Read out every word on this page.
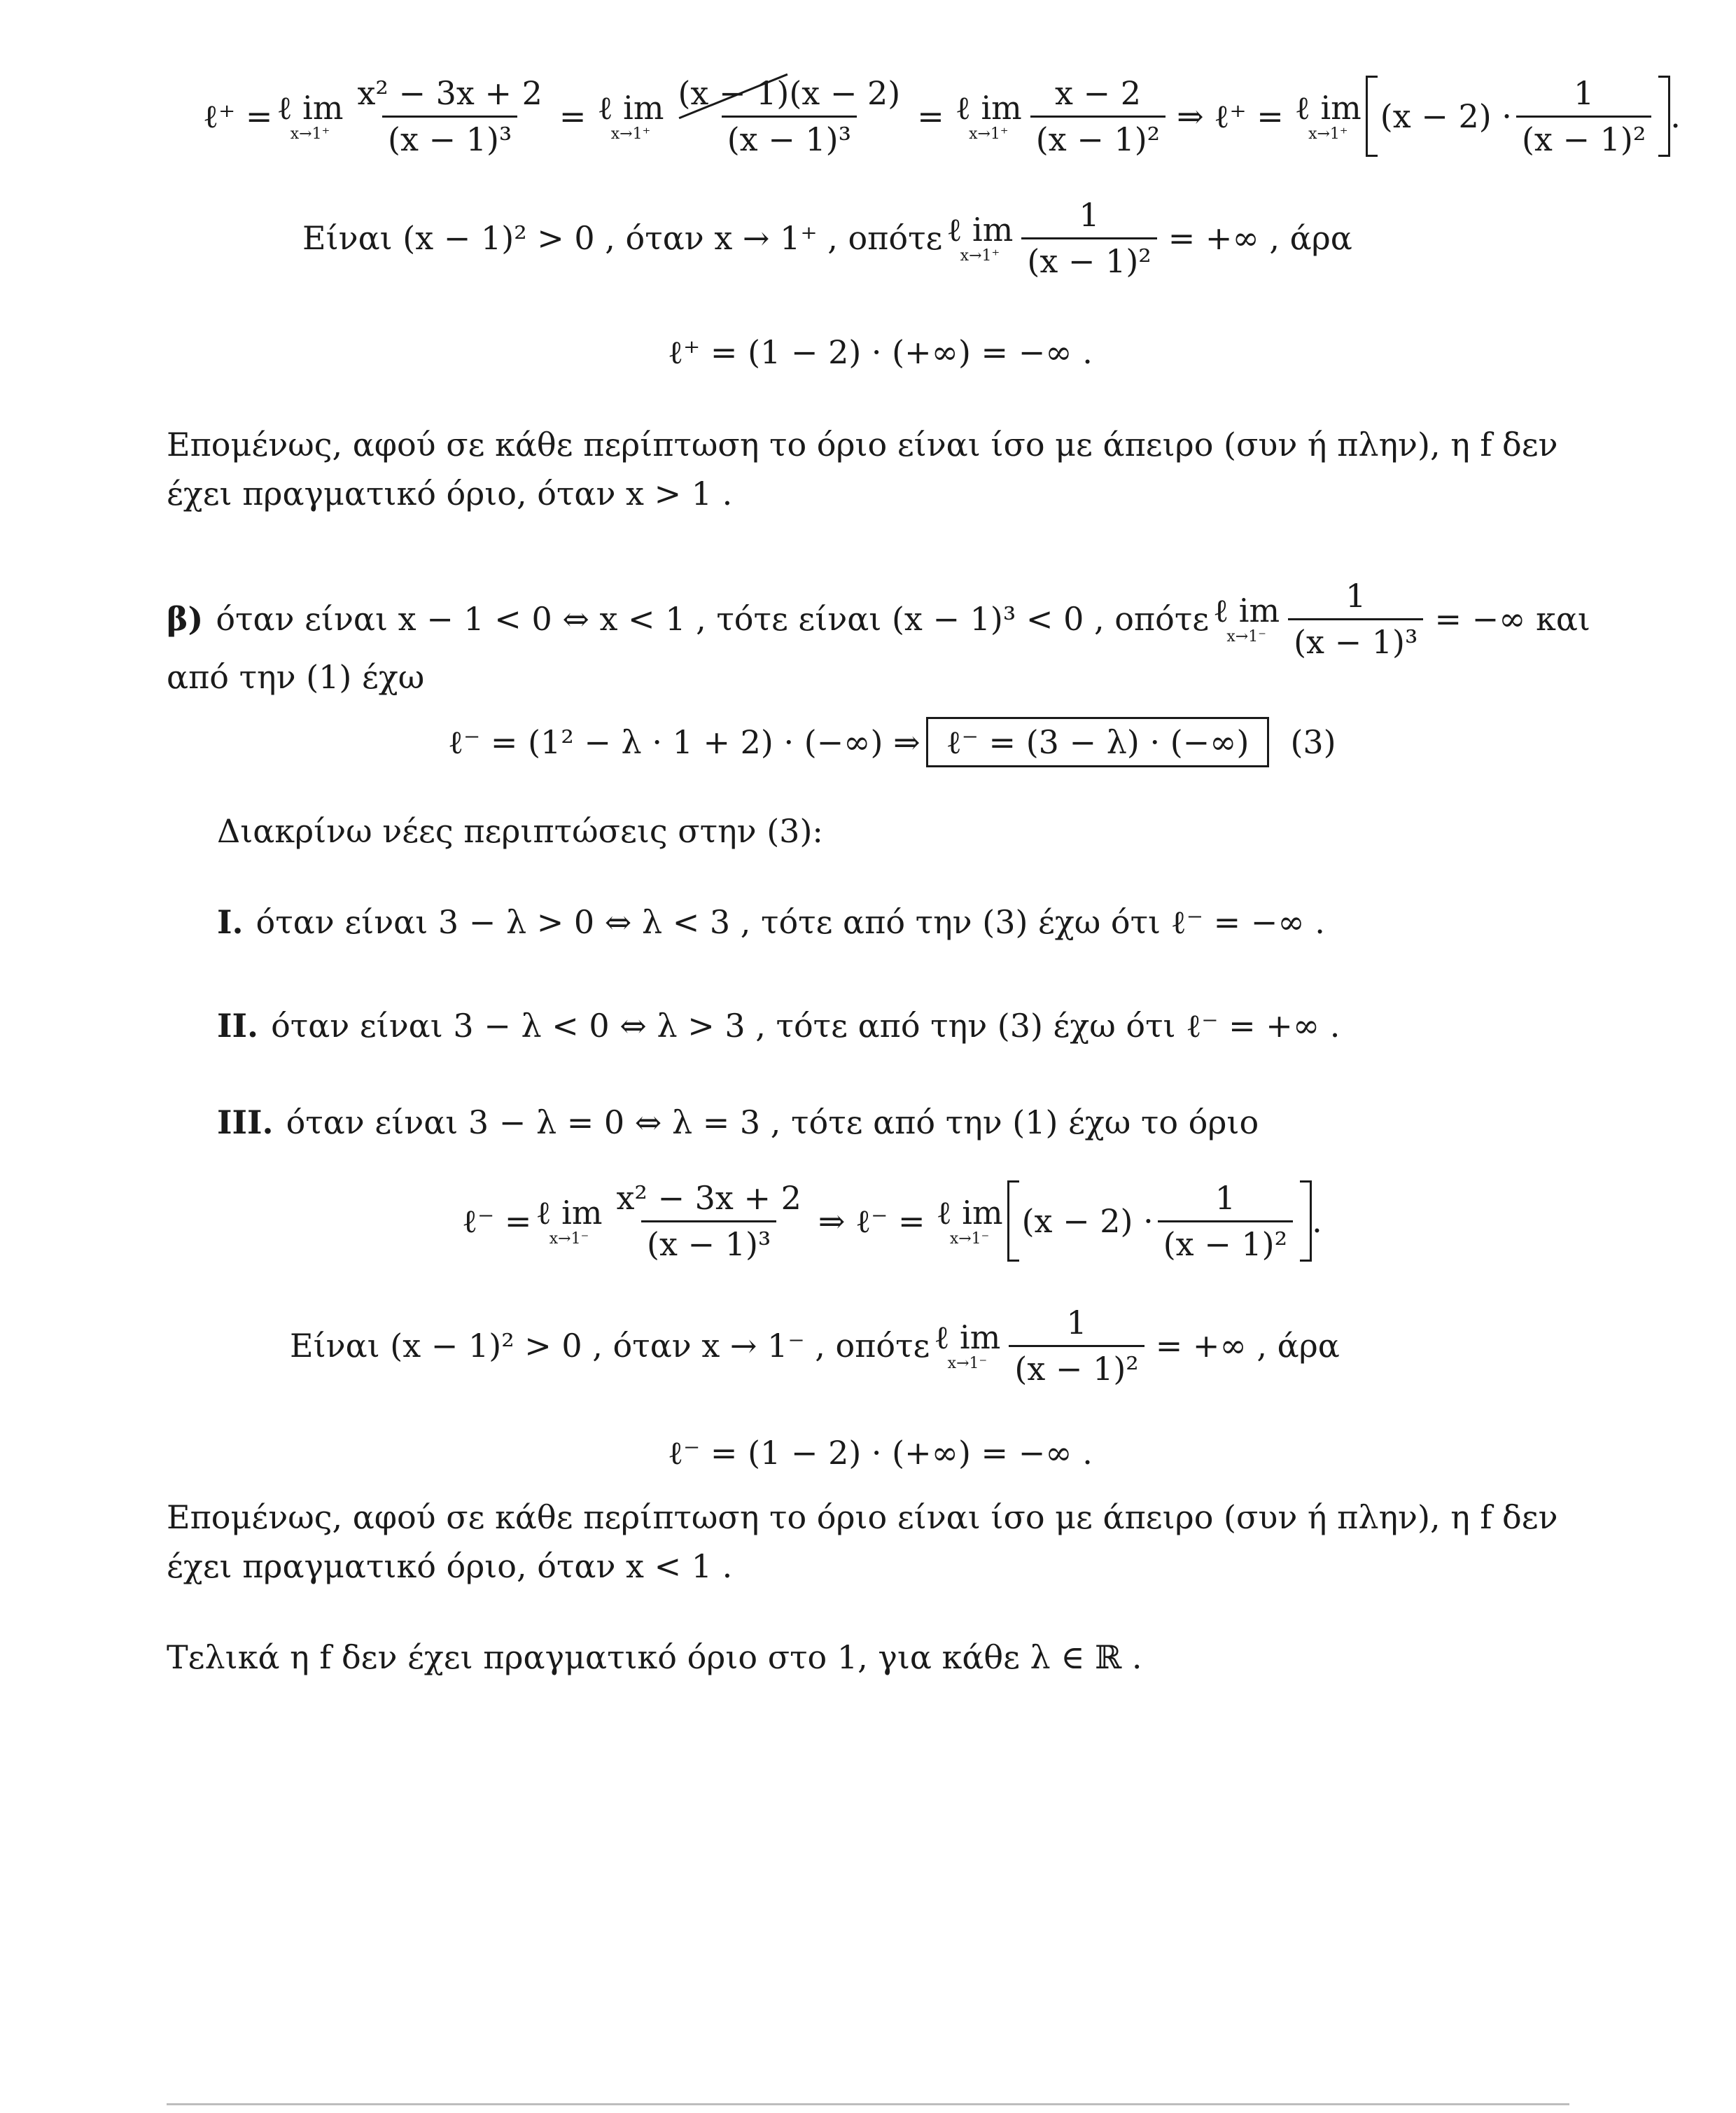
ℓ⁺ = ℓ im
$x\to 1^+ \frac{\text{x² − 3x + 2}}{\text{(x − 1)³}}$ = ℓ im
$x\to 1^+ \frac{(x - 1)(x - 2)}{\text{(x − 1)³}}$ = ℓ im
$x\to 1^+ \frac{x - 2}{\text{(x − 1)²}}$ ⇒ ℓ⁺ = ℓ im
x→1⁺ $(x - 2) \cdot \frac{1}{\text{(x − 1)²}}$ .
Είναι (x − 1)² > 0 , όταν x → 1⁺ , οπότε ℓ im
$x\to 1^+ \frac{1}{\text{(x − 1)²}}$ = +∞ , άρα
ℓ⁺ = (1 − 2) · (+∞) = −∞ .
Επομένως, αφού σε κάθε περίπτωση το όριο είναι ίσο με άπειρο (συν ή πλην), η f δεν
έχει πραγματικό όριο, όταν x > 1 .
β) όταν είναι x − 1 < 0 ⇔ x < 1 , τότε είναι (x − 1)³ < 0 , οπότε ℓ im
$x\to 1^- \frac{1}{\text{(x − 1)³}}$ = −∞ και
από την (1) έχω
ℓ⁻ = (1² − λ · 1 + 2) · (−∞) ⇒ ℓ⁻ = (3 − λ) · (−∞)	(3)
Διακρίνω νέες περιπτώσεις στην (3):
I. όταν είναι 3 − λ > 0 ⇔ λ < 3 , τότε από την (3) έχω ότι ℓ⁻ = −∞ .
II. όταν είναι 3 − λ < 0 ⇔ λ > 3 , τότε από την (3) έχω ότι ℓ⁻ = +∞ .
III. όταν είναι 3 − λ = 0 ⇔ λ = 3 , τότε από την (1) έχω το όριο
ℓ⁻ = ℓ im
$x\to 1^- \frac{\text{x² − 3x + 2}}{\text{(x − 1)³}}$ ⇒ ℓ⁻ = ℓ im
x→1⁻ $(x - 2) \cdot \frac{1}{\text{(x − 1)²}}$ .
Είναι (x − 1)² > 0 , όταν x → 1⁻ , οπότε ℓ im
$x\to 1^- \frac{1}{\text{(x − 1)²}}$ = +∞ , άρα
ℓ⁻ = (1 − 2) · (+∞) = −∞ .
Επομένως, αφού σε κάθε περίπτωση το όριο είναι ίσο με άπειρο (συν ή πλην), η f δεν
έχει πραγματικό όριο, όταν x < 1 .
Τελικά η f δεν έχει πραγματικό όριο στο 1, για κάθε λ ∈ ℝ .
